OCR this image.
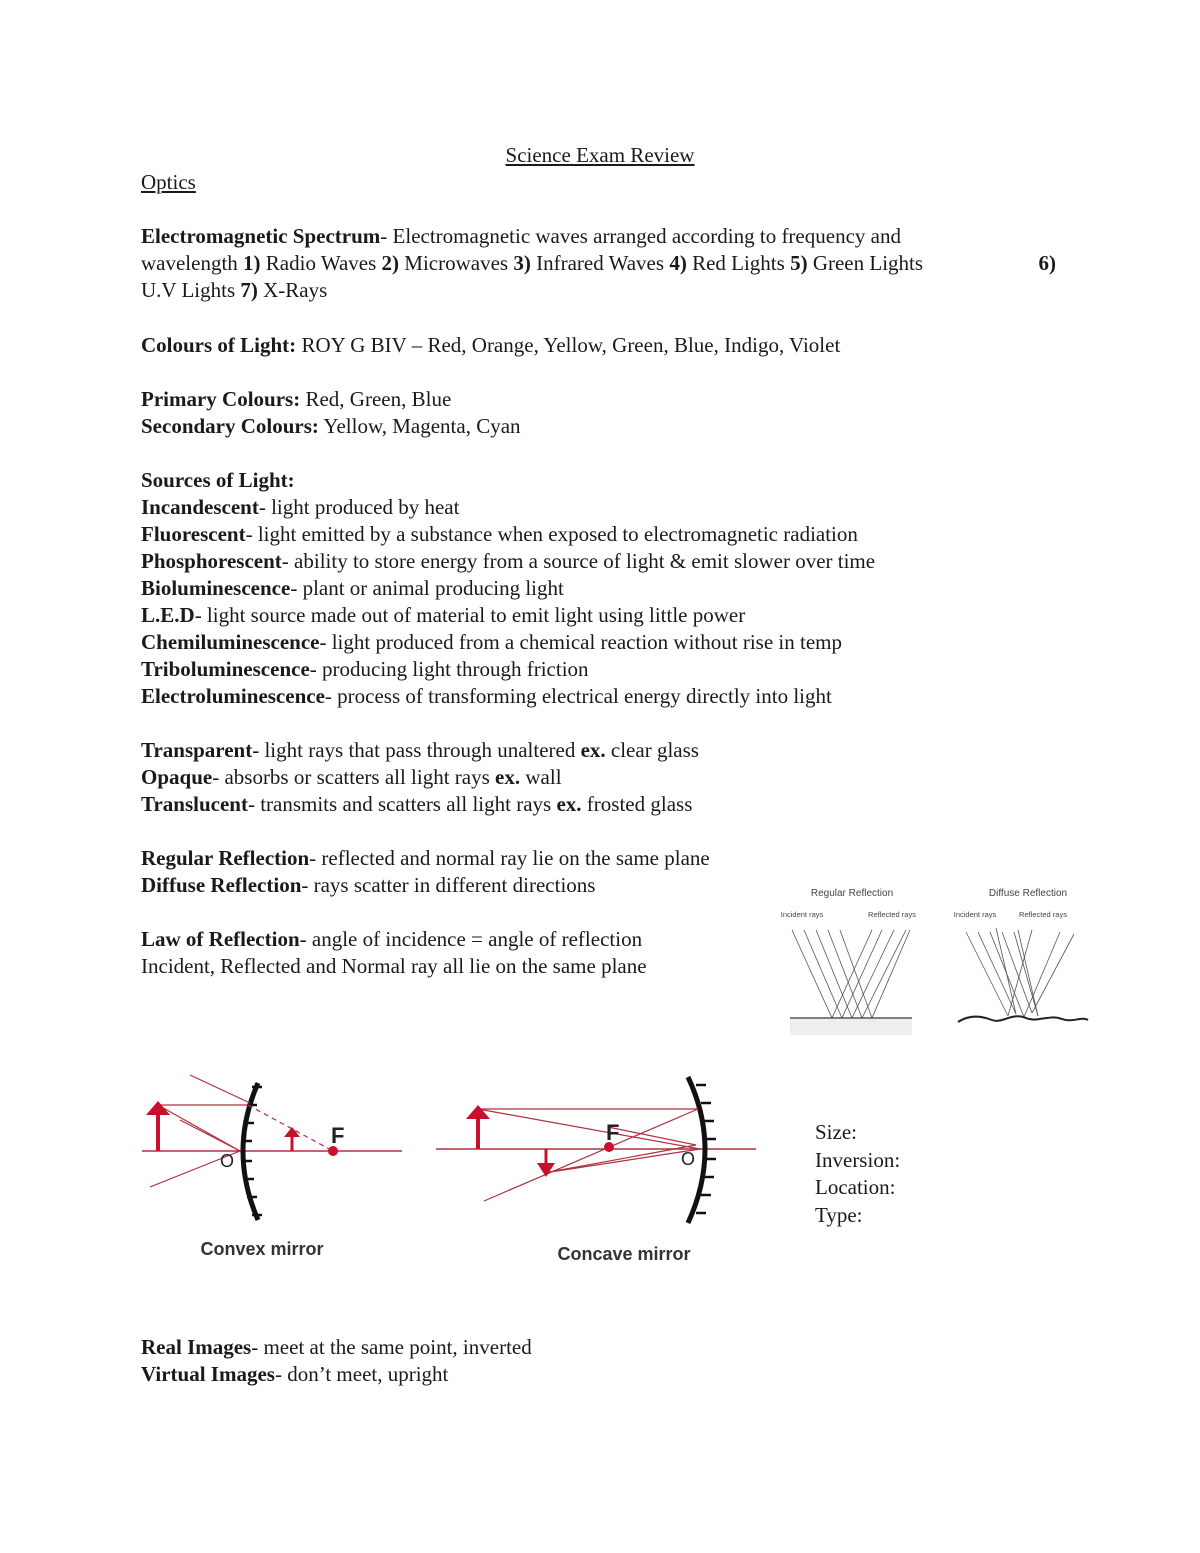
Science Exam Review
Optics
Electromagnetic Spectrum- Electromagnetic waves arranged according to frequency and
wavelength 1) Radio Waves 2) Microwaves 3) Infrared Waves 4) Red Lights 5) Green Lights	6)
U.V Lights 7) X-Rays
Colours of Light: ROY G BIV – Red, Orange, Yellow, Green, Blue, Indigo, Violet
Primary Colours: Red, Green, Blue
Secondary Colours: Yellow, Magenta, Cyan
Sources of Light:
Incandescent- light produced by heat
Fluorescent- light emitted by a substance when exposed to electromagnetic radiation
Phosphorescent- ability to store energy from a source of light & emit slower over time
Bioluminescence- plant or animal producing light
L.E.D- light source made out of material to emit light using little power
Chemiluminescence- light produced from a chemical reaction without rise in temp
Triboluminescence- producing light through friction
Electroluminescence- process of transforming electrical energy directly into light
Transparent- light rays that pass through unaltered ex. clear glass
Opaque- absorbs or scatters all light rays ex. wall
Translucent- transmits and scatters all light rays ex. frosted glass
Regular Reflection- reflected and normal ray lie on the same plane
Diffuse Reflection- rays scatter in different directions
Law of Reflection- angle of incidence = angle of reflection
Incident, Reflected and Normal ray all lie on the same plane
Regular Reflection	Diffuse Reflection
Incident rays	Reflected rays	Incident rays	Reflected rays
F
O
Convex mirror
F
O
Concave mirror
Size:
Inversion:
Location:
Type:
Real Images- meet at the same point, inverted
Virtual Images- don’t meet, upright
